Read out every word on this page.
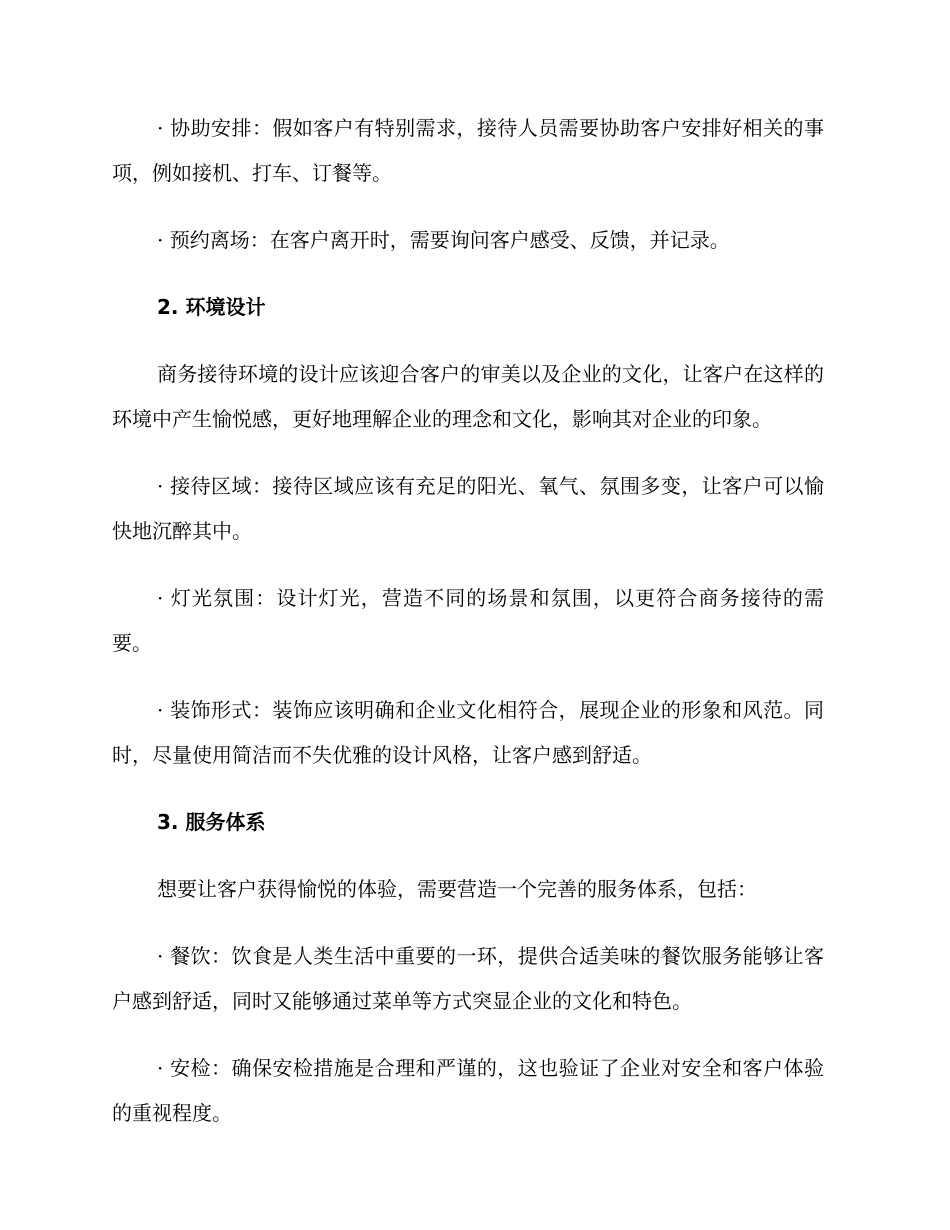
· 协助安排：假如客户有特别需求，接待人员需要协助客户安排好相关的事项，例如接机、打车、订餐等。

· 预约离场：在客户离开时，需要询问客户感受、反馈，并记录。

2. 环境设计

商务接待环境的设计应该迎合客户的审美以及企业的文化，让客户在这样的环境中产生愉悦感，更好地理解企业的理念和文化，影响其对企业的印象。

· 接待区域：接待区域应该有充足的阳光、氧气、氛围多变，让客户可以愉快地沉醉其中。

· 灯光氛围：设计灯光，营造不同的场景和氛围，以更符合商务接待的需要。

· 装饰形式：装饰应该明确和企业文化相符合，展现企业的形象和风范。同时，尽量使用简洁而不失优雅的设计风格，让客户感到舒适。

3. 服务体系

想要让客户获得愉悦的体验，需要营造一个完善的服务体系，包括：

· 餐饮：饮食是人类生活中重要的一环，提供合适美味的餐饮服务能够让客户感到舒适，同时又能够通过菜单等方式突显企业的文化和特色。

· 安检：确保安检措施是合理和严谨的，这也验证了企业对安全和客户体验的重视程度。
